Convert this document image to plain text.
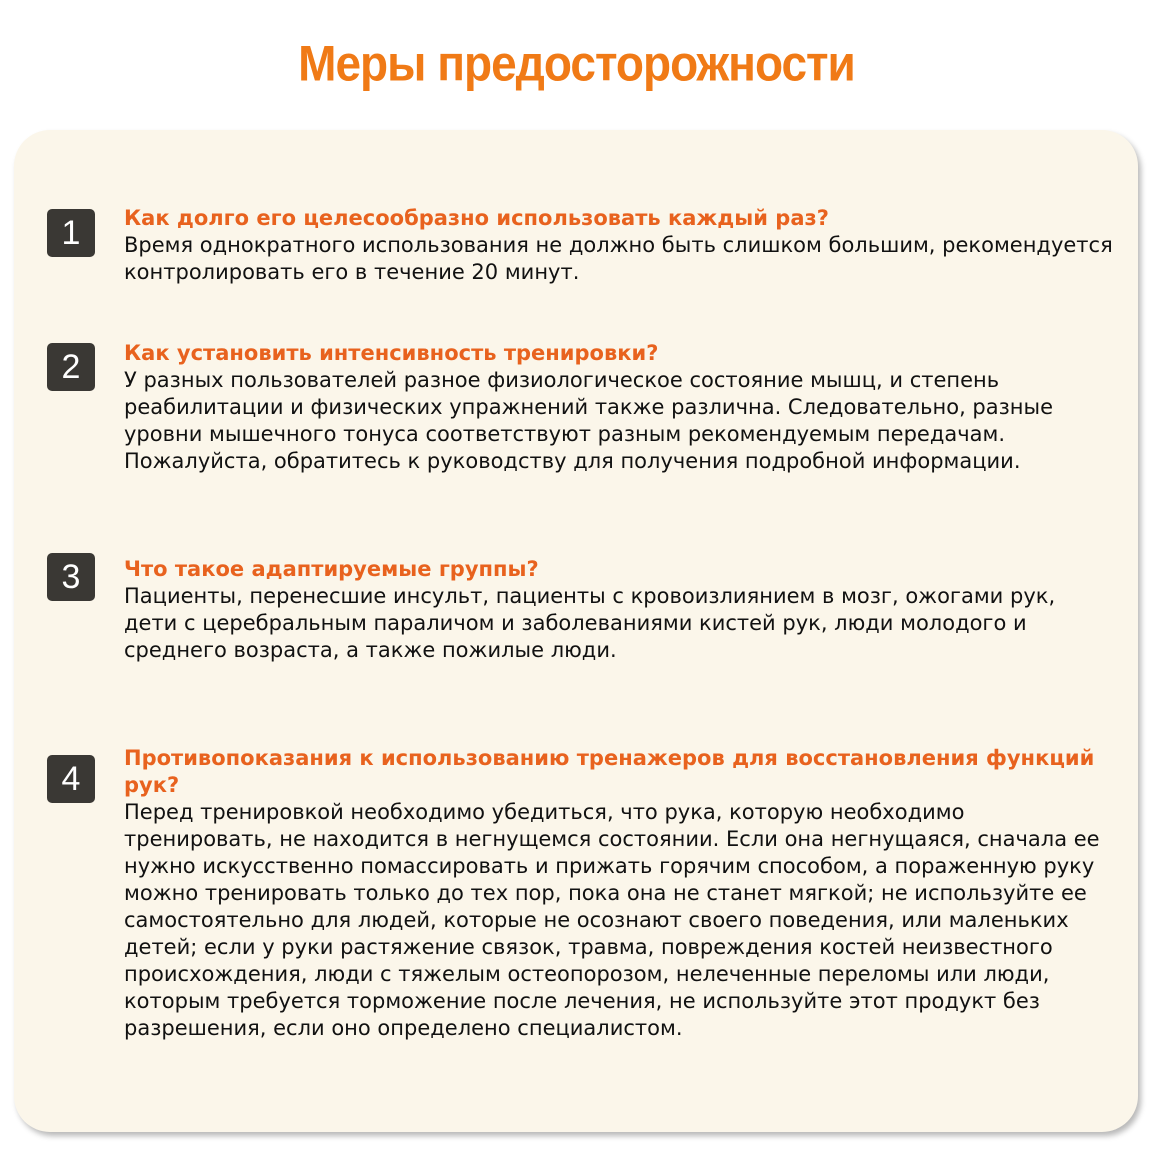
Меры предосторожности
1	Как долго его целесообразно использовать каждый раз?

Время однократного использования не должно быть слишком большим, рекомендуется контролировать его в течение 20 минут.

2	Как установить интенсивность тренировки?

У разных пользователей разное физиологическое состояние мышц, и степень реабилитации и физических упражнений также различна. Следовательно, разные уровни мышечного тонуса соответствуют разным рекомендуемым передачам. Пожалуйста, обратитесь к руководству для получения подробной информации.

3	Что такое адаптируемые группы?

Пациенты, перенесшие инсульт, пациенты с кровоизлиянием в мозг, ожогами рук, дети с церебральным параличом и заболеваниями кистей рук, люди молодого и среднего возраста, а также пожилые люди.

4

Противопоказания к использованию тренажеров для восстановления функций рук?

Перед тренировкой необходимо убедиться, что рука, которую необходимо тренировать, не находится в негнущемся состоянии. Если она негнущаяся, сначала ее нужно искусственно помассировать и прижать горячим способом, а пораженную руку можно тренировать только до тех пор, пока она не станет мягкой; не используйте ее самостоятельно для людей, которые не осознают своего поведения, или маленьких детей; если у руки растяжение связок, травма, повреждения костей неизвестного происхождения, люди с тяжелым остеопорозом, нелеченные переломы или люди, которым требуется торможение после лечения, не используйте этот продукт без разрешения, если оно определено специалистом.
